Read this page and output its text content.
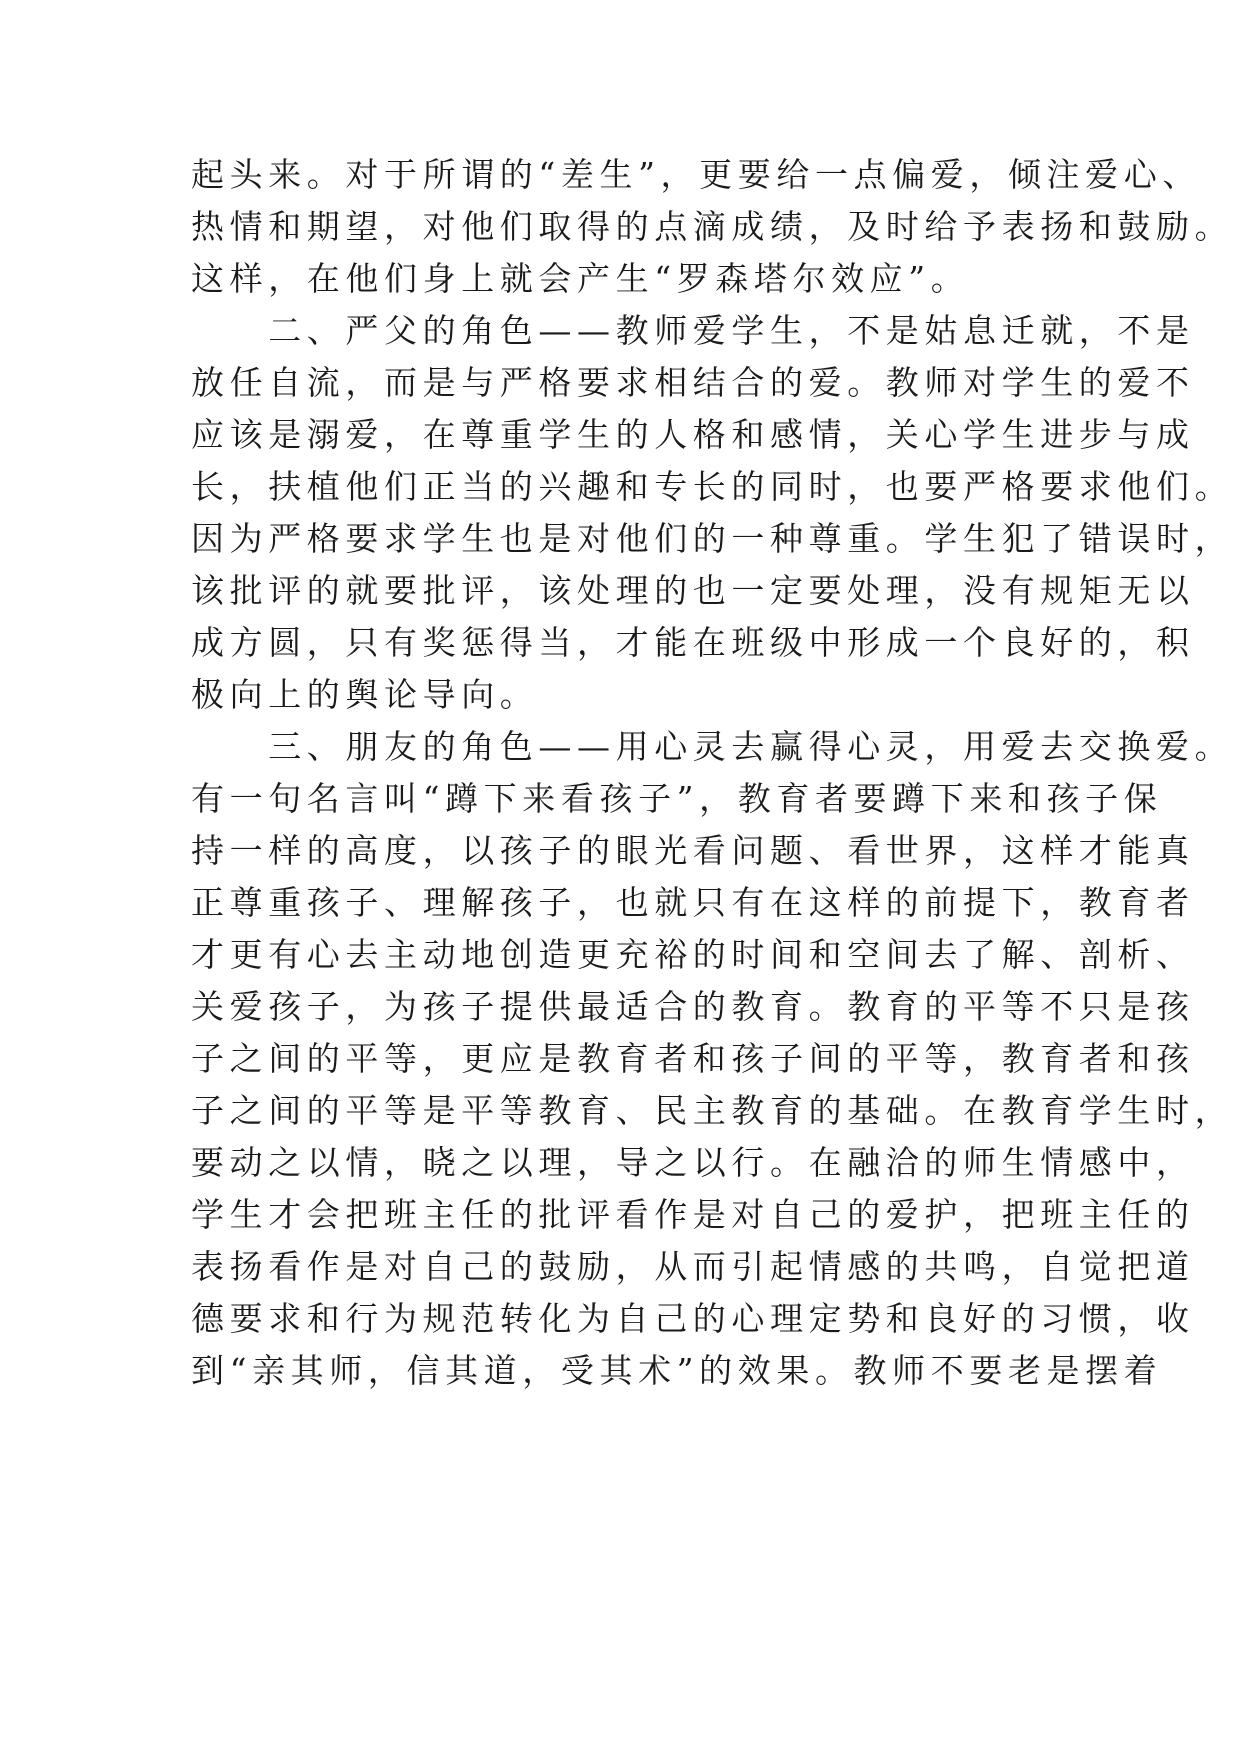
起头来。对于所谓的“差生”，更要给一点偏爱，倾注爱心、
热情和期望，对他们取得的点滴成绩，及时给予表扬和鼓励。
这样，在他们身上就会产生“罗森塔尔效应”。
　　二、严父的角色——教师爱学生，不是姑息迁就，不是
放任自流，而是与严格要求相结合的爱。教师对学生的爱不
应该是溺爱，在尊重学生的人格和感情，关心学生进步与成
长，扶植他们正当的兴趣和专长的同时，也要严格要求他们。
因为严格要求学生也是对他们的一种尊重。学生犯了错误时，
该批评的就要批评，该处理的也一定要处理，没有规矩无以
成方圆，只有奖惩得当，才能在班级中形成一个良好的，积
极向上的舆论导向。
　　三、朋友的角色——用心灵去赢得心灵，用爱去交换爱。
有一句名言叫“蹲下来看孩子”，教育者要蹲下来和孩子保
持一样的高度，以孩子的眼光看问题、看世界，这样才能真
正尊重孩子、理解孩子，也就只有在这样的前提下，教育者
才更有心去主动地创造更充裕的时间和空间去了解、剖析、
关爱孩子，为孩子提供最适合的教育。教育的平等不只是孩
子之间的平等，更应是教育者和孩子间的平等，教育者和孩
子之间的平等是平等教育、民主教育的基础。在教育学生时，
要动之以情，晓之以理，导之以行。在融洽的师生情感中，
学生才会把班主任的批评看作是对自己的爱护，把班主任的
表扬看作是对自己的鼓励，从而引起情感的共鸣，自觉把道
德要求和行为规范转化为自己的心理定势和良好的习惯，收
到“亲其师，信其道，受其术”的效果。教师不要老是摆着
